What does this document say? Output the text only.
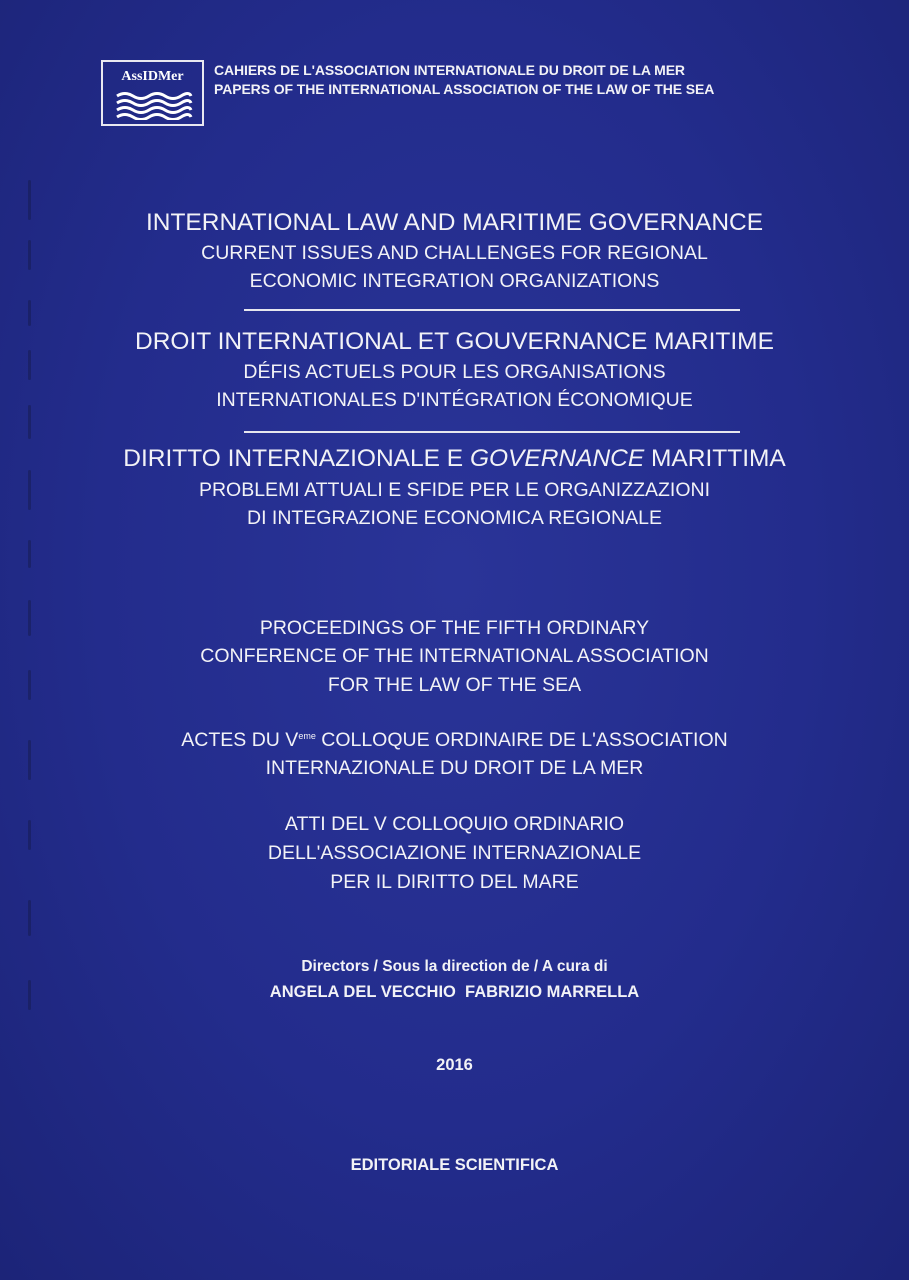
AssIDMer	CAHIERS DE L'ASSOCIATION INTERNATIONALE DU DROIT DE LA MER
PAPERS OF THE INTERNATIONAL ASSOCIATION OF THE LAW OF THE SEA
INTERNATIONAL LAW AND MARITIME GOVERNANCE
CURRENT ISSUES AND CHALLENGES FOR REGIONAL
ECONOMIC INTEGRATION ORGANIZATIONS
DROIT INTERNATIONAL ET GOUVERNANCE MARITIME
DÉFIS ACTUELS POUR LES ORGANISATIONS
INTERNATIONALES D'INTÉGRATION ÉCONOMIQUE
DIRITTO INTERNAZIONALE E GOVERNANCE MARITTIMA
PROBLEMI ATTUALI E SFIDE PER LE ORGANIZZAZIONI
DI INTEGRAZIONE ECONOMICA REGIONALE
PROCEEDINGS OF THE FIFTH ORDINARY
CONFERENCE OF THE INTERNATIONAL ASSOCIATION
FOR THE LAW OF THE SEA
ACTES DU Veme COLLOQUE ORDINAIRE DE L'ASSOCIATION
INTERNAZIONALE DU DROIT DE LA MER
ATTI DEL V COLLOQUIO ORDINARIO
DELL'ASSOCIAZIONE INTERNAZIONALE
PER IL DIRITTO DEL MARE
Directors / Sous la direction de / A cura di
ANGELA DEL VECCHIO  FABRIZIO MARRELLA
2016
EDITORIALE SCIENTIFICA
